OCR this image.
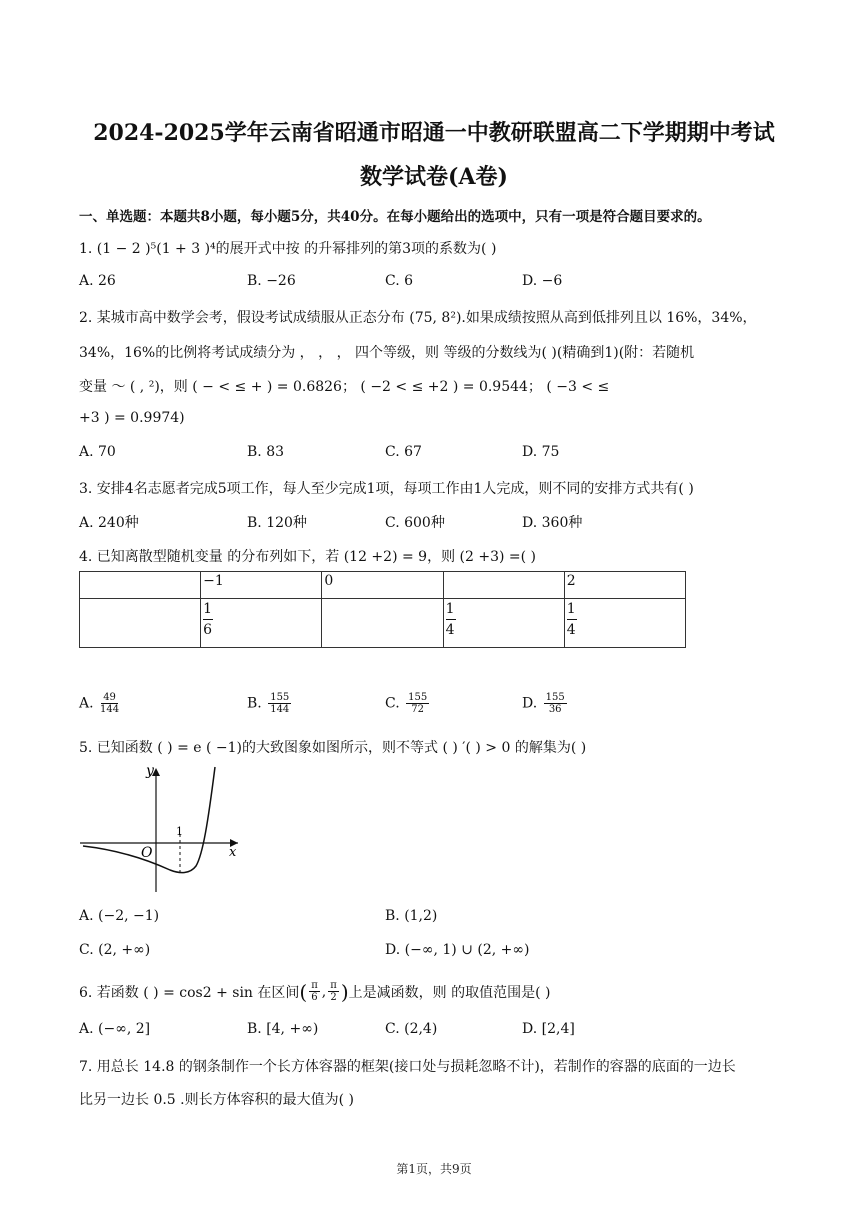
2024-2025学年云南省昭通市昭通一中教研联盟高二下学期期中考试
数学试卷(A卷)
一、单选题：本题共8小题，每小题5分，共40分。在每小题给出的选项中，只有一项是符合题目要求的。
1. (1 − 2 )⁵(1 + 3 )⁴的展开式中按 的升幂排列的第3项的系数为( )
A. 26	B. −26	C. 6	D. −6
2. 某城市高中数学会考，假设考试成绩服从正态分布 (75, 8²).如果成绩按照从高到低排列且以 16%，34%，
34%，16%的比例将考试成绩分为 ， ， ， 四个等级，则 等级的分数线为( )(精确到1)(附：若随机
变量 ～ ( , ²)，则 ( − < ≤ + ) = 0.6826； ( −2 < ≤ +2 ) = 0.9544； ( −3 < ≤
+3 ) = 0.9974)
A. 70	B. 83	C. 67	D. 75
3. 安排4名志愿者完成5项工作，每人至少完成1项，每项工作由1人完成，则不同的安排方式共有( )
A. 240种	B. 120种	C. 600种	D. 360种
4. 已知离散型随机变量 的分布列如下，若 (12 +2) = 9，则 (2 +3) =( )
	−1	0		2

	$\frac{1}{6}$		$\frac{1}{4}$	$\frac{1}{4}$
A. $\frac{49}{144}$	B. $\frac{155}{144}$	C. $\frac{155}{72}$	D. $\frac{155}{36}$
5. 已知函数 ( ) = e ( −1)的大致图象如图所示，则不等式 ( ) ′( ) > 0 的解集为( )
y
x
O
1
A. (−2, −1)	B. (1,2)
C. (2, +∞)	D. (−∞, 1) ∪ (2, +∞)
6. 若函数 ( ) = cos2 + sin 在区间 ( $\frac{\pi}{6}$ , $\frac{\pi}{2}$ ) 上是减函数，则 的取值范围是( )
A. (−∞, 2]	B. [4, +∞)	C. (2,4)	D. [2,4]
7. 用总长 14.8 的钢条制作一个长方体容器的框架(接口处与损耗忽略不计)，若制作的容器的底面的一边长
比另一边长 0.5 .则长方体容积的最大值为( )
第1页，共9页
